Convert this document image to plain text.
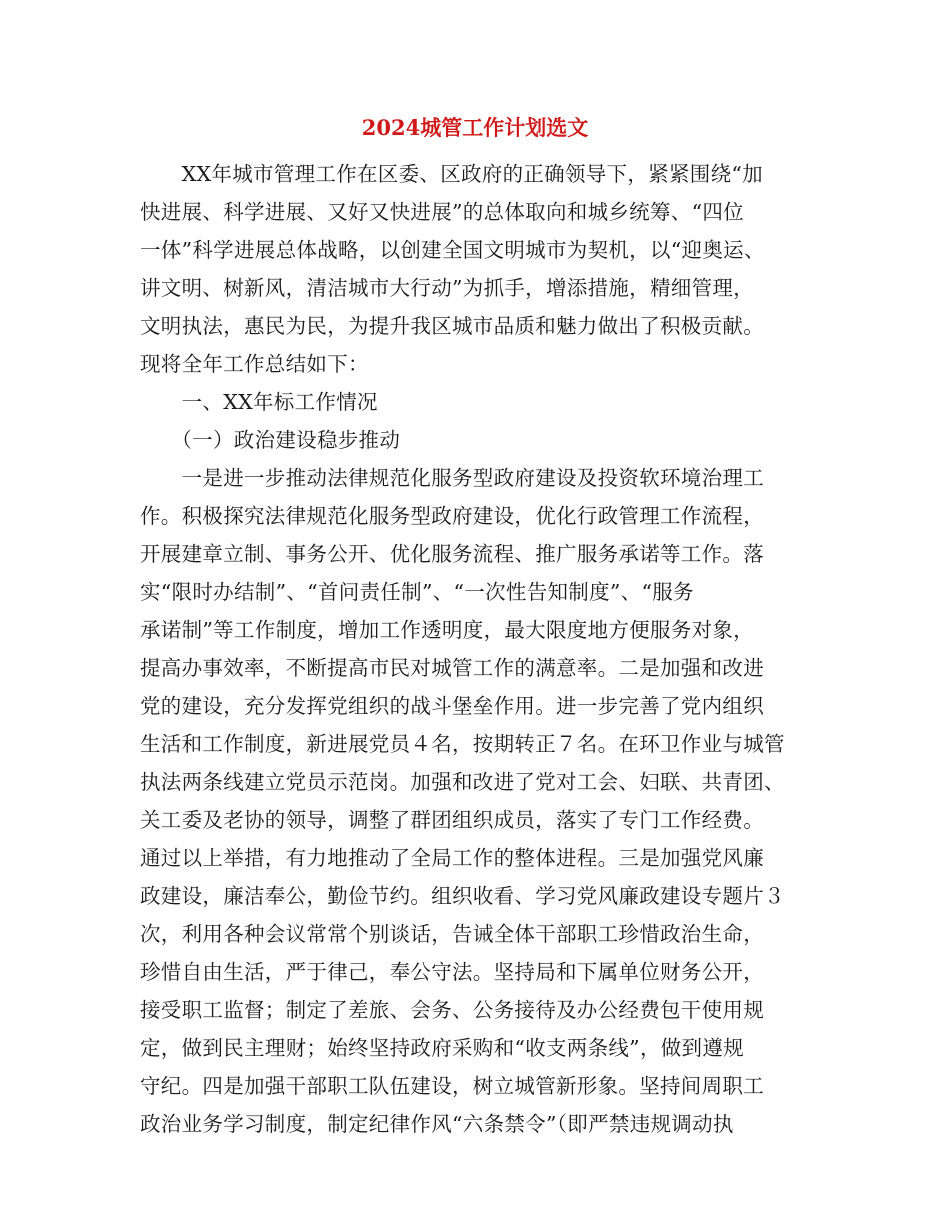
2024城管工作计划选文
　　XX年城市管理工作在区委、区政府的正确领导下，紧紧围绕“加
快进展、科学进展、又好又快进展”的总体取向和城乡统筹、“四位
一体”科学进展总体战略，以创建全国文明城市为契机，以“迎奥运、
讲文明、树新风，清洁城市大行动”为抓手，增添措施，精细管理，
文明执法，惠民为民，为提升我区城市品质和魅力做出了积极贡献。
现将全年工作总结如下：
　　一、XX年标工作情况
　　（一）政治建设稳步推动
　　一是进一步推动法律规范化服务型政府建设及投资软环境治理工
作。积极探究法律规范化服务型政府建设，优化行政管理工作流程，
开展建章立制、事务公开、优化服务流程、推广服务承诺等工作。落
实“限时办结制”、“首问责任制”、“一次性告知制度”、“服务
承诺制”等工作制度，增加工作透明度，最大限度地方便服务对象，
提高办事效率，不断提高市民对城管工作的满意率。二是加强和改进
党的建设，充分发挥党组织的战斗堡垒作用。进一步完善了党内组织
生活和工作制度，新进展党员４名，按期转正７名。在环卫作业与城管
执法两条线建立党员示范岗。加强和改进了党对工会、妇联、共青团、
关工委及老协的领导，调整了群团组织成员，落实了专门工作经费。
通过以上举措，有力地推动了全局工作的整体进程。三是加强党风廉
政建设，廉洁奉公，勤俭节约。组织收看、学习党风廉政建设专题片３
次，利用各种会议常常个别谈话，告诫全体干部职工珍惜政治生命，
珍惜自由生活，严于律己，奉公守法。坚持局和下属单位财务公开，
接受职工监督；制定了差旅、会务、公务接待及办公经费包干使用规
定，做到民主理财；始终坚持政府采购和“收支两条线”，做到遵规
守纪。四是加强干部职工队伍建设，树立城管新形象。坚持间周职工
政治业务学习制度，制定纪律作风“六条禁令”（即严禁违规调动执
